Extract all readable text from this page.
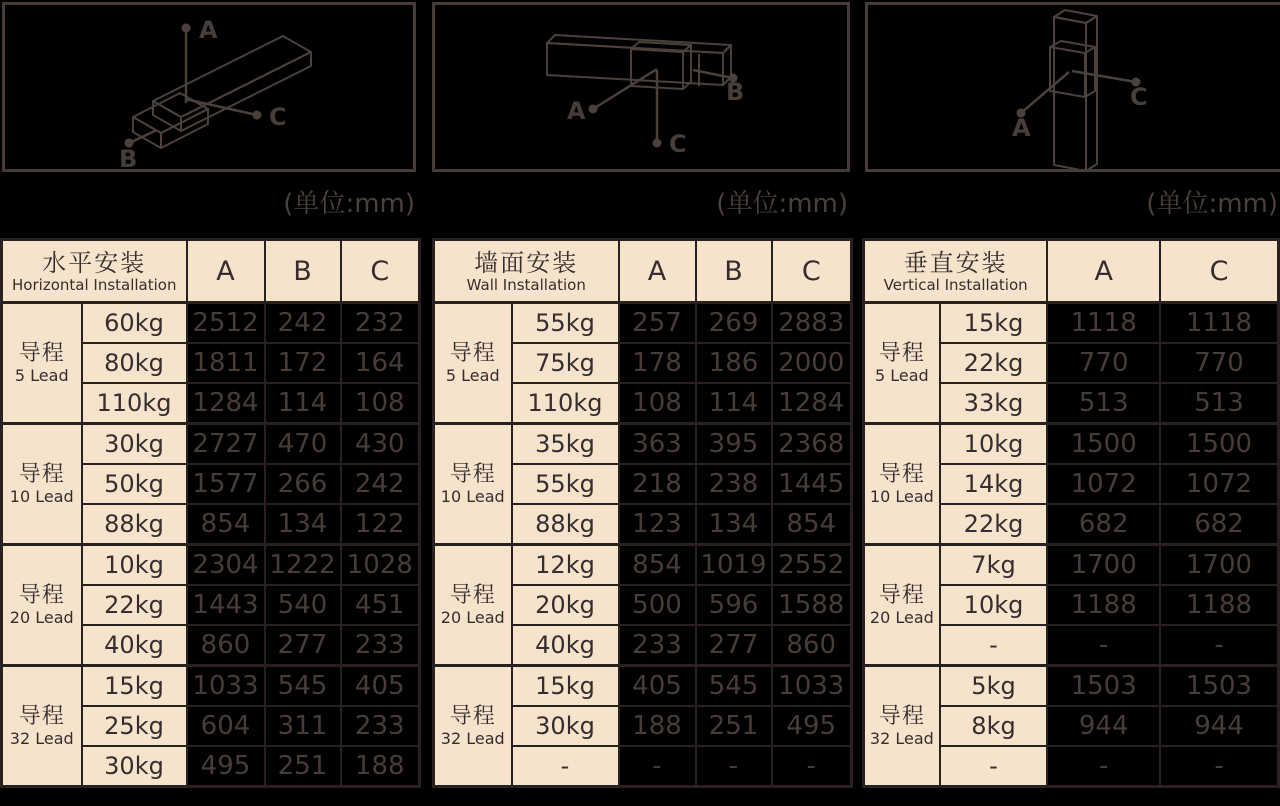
A
B
C	A
B
C
A
C
(单位:mm)	(单位:mm)	(单位:mm)
水平安装
Horizontal Installation		A	B	C

导程
5 Lead	60kg	2512	242	232
	80kg	1811	172	164
	110kg	1284	114	108

导程
10 Lead	30kg	2727	470	430
	50kg	1577	266	242
	88kg	854	134	122

导程
20 Lead	10kg	2304	1222	1028
	22kg	1443	540	451
	40kg	860	277	233

导程
32 Lead	15kg	1033	545	405
	25kg	604	311	233
	30kg	495	251	188
墙面安装
Wall Installation		A	B	C

导程
5 Lead	55kg	257	269	2883
	75kg	178	186	2000
	110kg	108	114	1284

导程
10 Lead	35kg	363	395	2368
	55kg	218	238	1445
	88kg	123	134	854

导程
20 Lead	12kg	854	1019	2552
	20kg	500	596	1588
	40kg	233	277	860

导程
32 Lead	15kg	405	545	1033
	30kg	188	251	495
	-	-	-	-
垂直安装
Vertical Installation		A	C

导程
5 Lead	15kg	1118	1118
	22kg	770	770
	33kg	513	513

导程
10 Lead	10kg	1500	1500
	14kg	1072	1072
	22kg	682	682

导程
20 Lead	7kg	1700	1700
	10kg	1188	1188
	-	-	-

导程
32 Lead	5kg	1503	1503
	8kg	944	944
	-	-	-
